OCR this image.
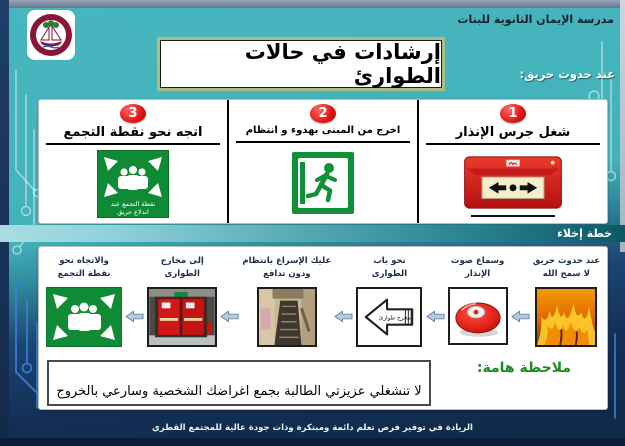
مدرسة الإيمان الثانوية للبنات
إرشادات في حالات الطوارئ	عند حدوث حريق:
1
شغل جرس الإنذار
2
اخرج من المبنى بهدوء و انتظام
3
اتجه نحو نقطة التجمع
نقطة التجمع عند
اندلاع حريق
خطة إخلاء
عند حدوث حريق
لا سمح الله
وسماع صوت
الإنذار
نحو باب
الطوارى
مخرج طوارئ
عليك الإسراع بانتظام
ودون تدافع
إلى مخارج
الطوارى
والاتجاه نحو
نقطة التجمع
ملاحظة هامة:
لا تنشغلي عزيزتي الطالبة بجمع اغراضك الشخصية وسارعي بالخروج
الريادة في توفير فرص تعلم دائمة ومبتكرة وذات جودة عالية للمجتمع القطري
